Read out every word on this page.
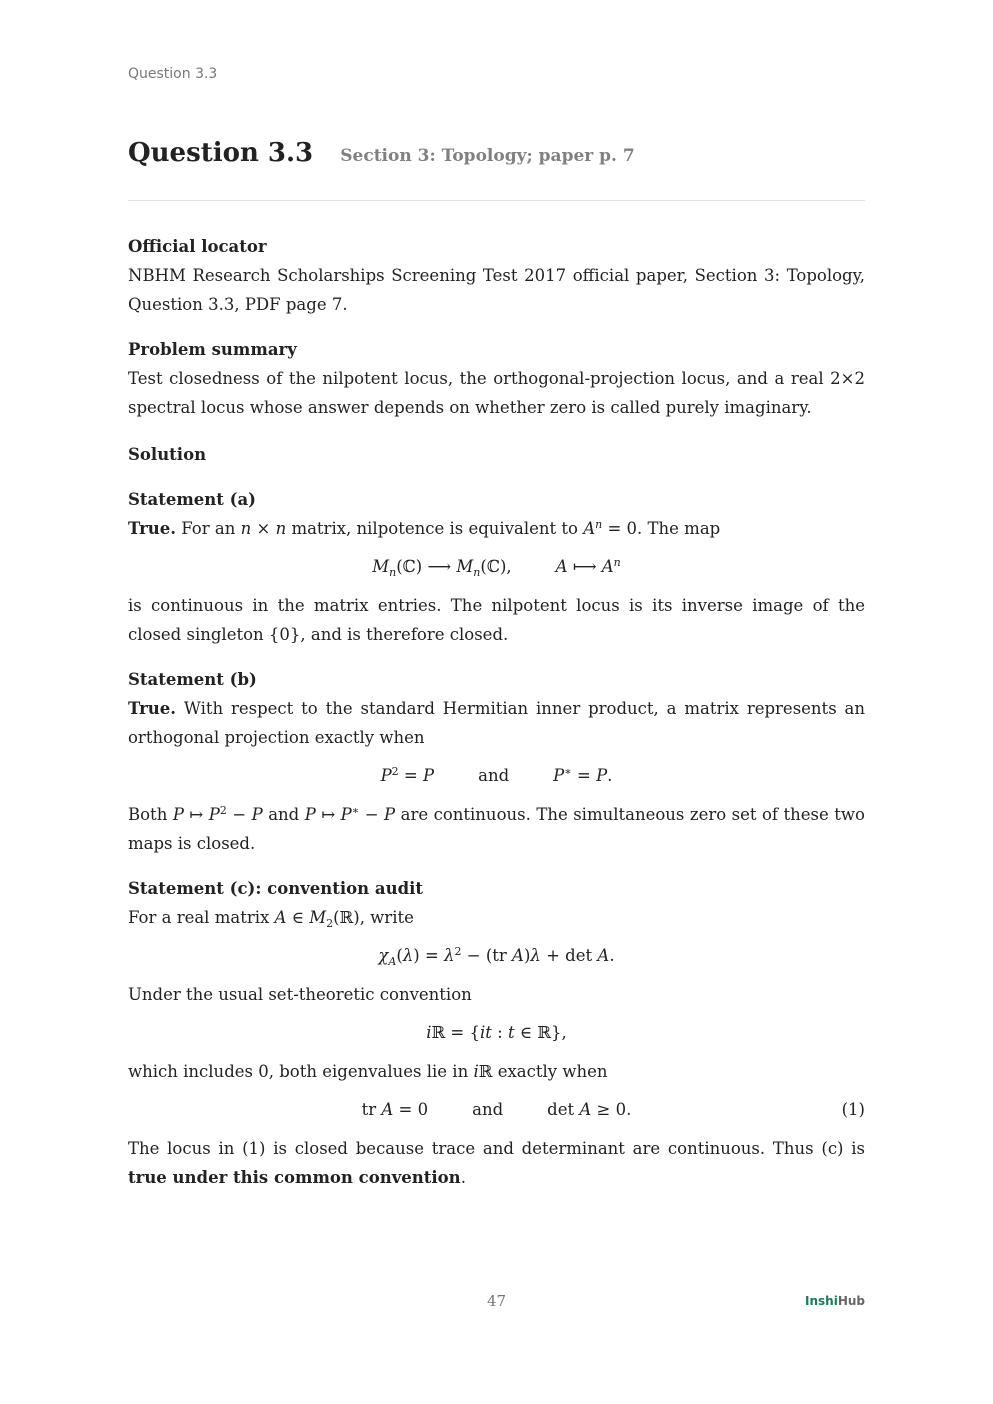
Question 3.3
Question 3.3 Section 3: Topology; paper p. 7
Official locator

NBHM Research Scholarships Screening Test 2017 official paper, Section 3: Topology, Question 3.3, PDF page 7.

Problem summary

Test closedness of the nilpotent locus, the orthogonal-projection locus, and a real 2×2 spectral locus whose answer depends on whether zero is called purely imaginary.

Solution
Statement (a)

True. For an n × n matrix, nilpotence is equivalent to $A^n = 0$. The map

$M_n(ℂ)$ ⟶ $M_n(ℂ)$,	A ⟼ $A^n$

is continuous in the matrix entries. The nilpotent locus is its inverse image of the closed singleton {0}, and is therefore closed.

Statement (b)

True. With respect to the standard Hermitian inner product, a matrix represents an orthogonal projection exactly when

$P^2 = P$	and	P∗ = P.

Both P ↦ $P^2 - P$ and P ↦ P∗ − P are continuous. The simultaneous zero set of these two maps is closed.

Statement (c): convention audit

For a real matrix A ∈ $M_2(ℝ)$, write

$\chi_A(\lambda) = \lambda^2 - (tr$ A)λ + det A.

Under the usual set-theoretic convention

iℝ = {it : t ∈ ℝ},

which includes 0, both eigenvalues lie in iℝ exactly when

tr A = 0	and	det A ≥ 0.	(1)

The locus in (1) is closed because trace and determinant are continuous. Thus (c) is true under this common convention.

47	InshiHub
